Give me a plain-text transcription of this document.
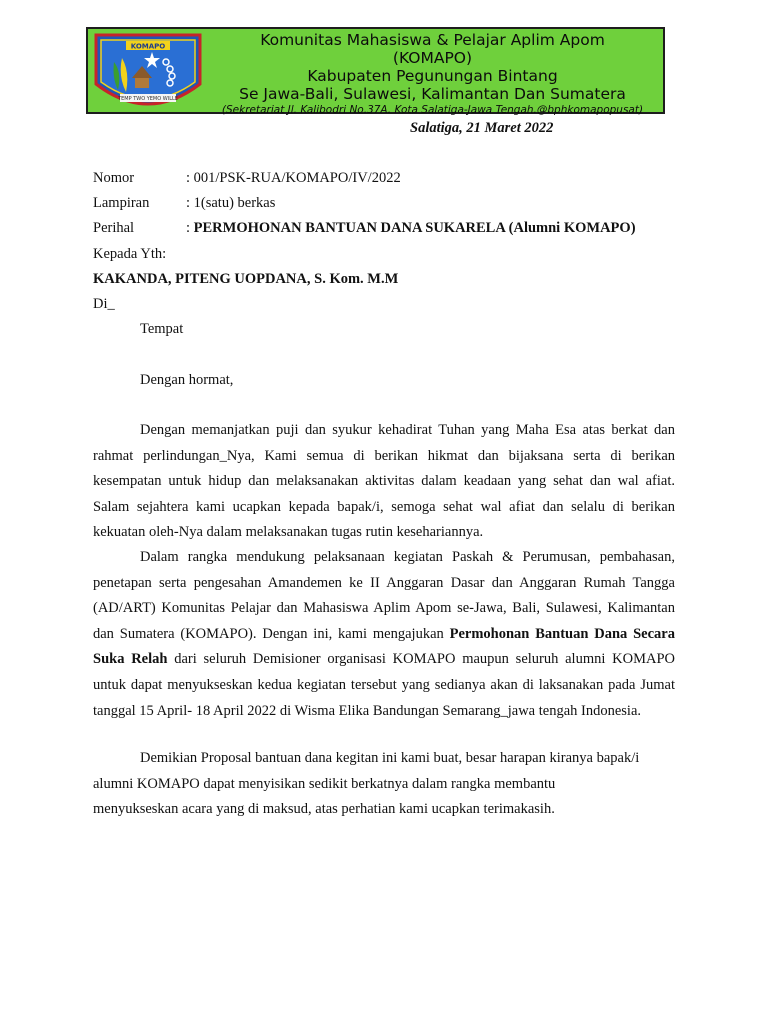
KOMAPO
TEMP TWO YEMO WILLE
Komunitas Mahasiswa & Pelajar Aplim Apom
(KOMAPO)
Kabupaten Pegunungan Bintang
Se Jawa-Bali, Sulawesi, Kalimantan Dan Sumatera
(Sekretariat Jl. Kalibodri No.37A. Kota Salatiga-Jawa Tengah.@bphkomapopusat)
Salatiga, 21 Maret 2022
Nomor	: 001/PSK-RUA/KOMAPO/IV/2022
Lampiran	: 1(satu) berkas
Perihal	: PERMOHONAN BANTUAN DANA SUKARELA (Alumni KOMAPO)
Kepada Yth:
KAKANDA, PITENG UOPDANA, S. Kom. M.M
Di_
Tempat
Dengan hormat,
Dengan memanjatkan puji dan syukur kehadirat Tuhan yang Maha Esa atas berkat dan rahmat perlindungan_Nya, Kami semua di berikan hikmat dan bijaksana serta di berikan kesempatan untuk hidup dan melaksanakan aktivitas dalam keadaan yang sehat dan wal afiat. Salam sejahtera kami ucapkan kepada bapak/i, semoga sehat wal afiat dan selalu di berikan kekuatan oleh-Nya dalam melaksanakan tugas rutin kesehariannya.
Dalam rangka mendukung pelaksanaan kegiatan Paskah & Perumusan, pembahasan, penetapan serta pengesahan Amandemen ke II Anggaran Dasar dan Anggaran Rumah Tangga (AD/ART) Komunitas Pelajar dan Mahasiswa Aplim Apom se-Jawa, Bali, Sulawesi, Kalimantan dan Sumatera (KOMAPO). Dengan ini, kami mengajukan Permohonan Bantuan Dana Secara Suka Relah dari seluruh Demisioner organisasi KOMAPO maupun seluruh alumni KOMAPO untuk dapat menyukseskan kedua kegiatan tersebut yang sedianya akan di laksanakan pada Jumat tanggal 15 April- 18 April 2022 di Wisma Elika Bandungan Semarang_jawa tengah Indonesia.
Demikian Proposal bantuan dana kegitan ini kami buat, besar harapan kiranya bapak/i
alumni KOMAPO dapat menyisikan sedikit berkatnya dalam rangka membantu
menyukseskan acara yang di maksud, atas perhatian kami ucapkan terimakasih.
